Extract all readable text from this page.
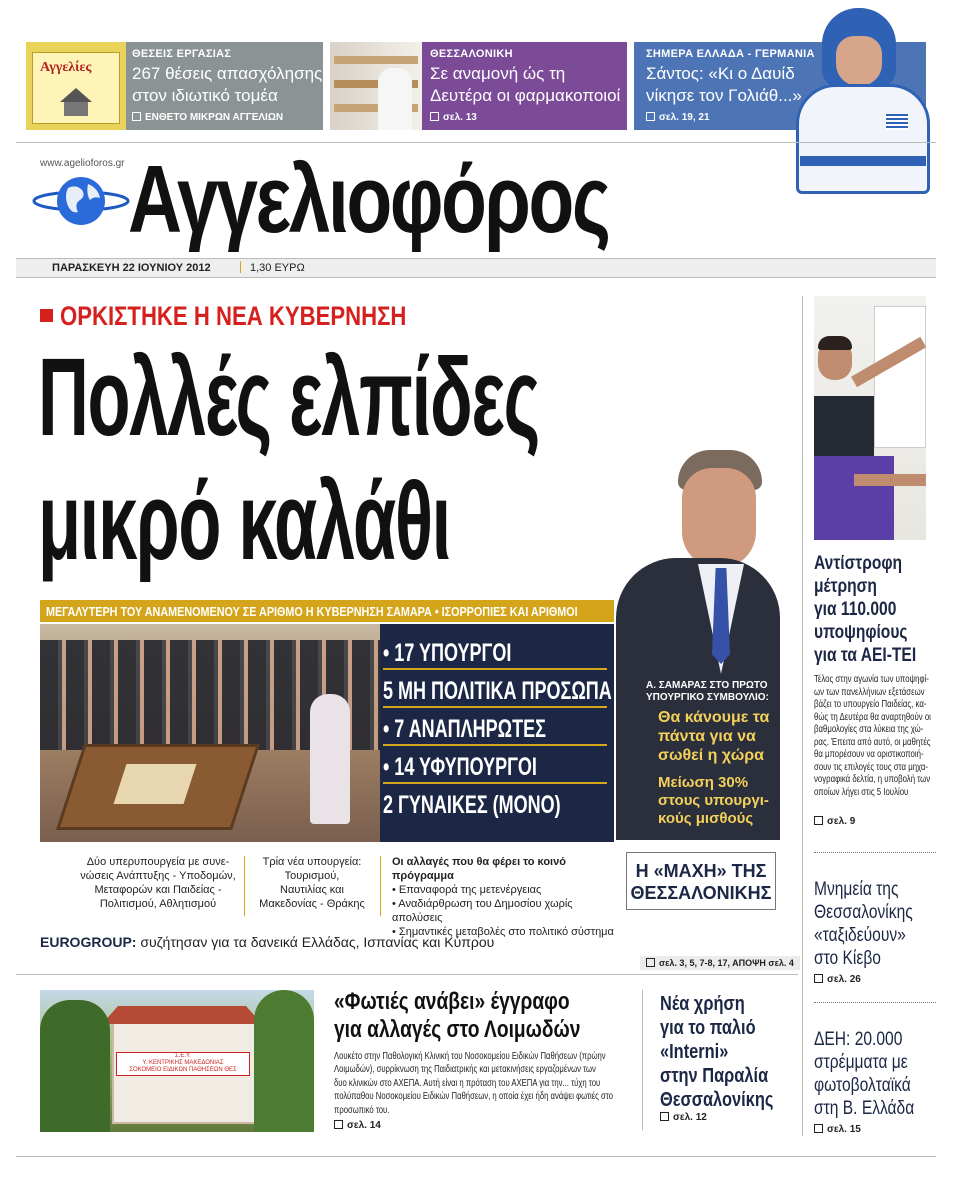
Αγγελίες
ΘΕΣΕΙΣ ΕΡΓΑΣΙΑΣ
267 θέσεις απασχόλησης
στον ιδιωτικό τομέα
ΕΝΘΕΤΟ ΜΙΚΡΩΝ ΑΓΓΕΛΙΩΝ
ΘΕΣΣΑΛΟΝΙΚΗ
Σε αναμονή ώς τη
Δευτέρα οι φαρμακοποιοί
σελ. 13
ΣΗΜΕΡΑ ΕΛΛΑΔΑ - ΓΕΡΜΑΝΙΑ
Σάντος: «Κι ο Δαυίδ
νίκησε τον Γολιάθ...»
σελ. 19, 21
www.agelioforos.gr Αγγελιοφόρος
ΠΑΡΑΣΚΕΥΗ 22 ΙΟΥΝΙΟΥ 2012	1,30 ΕΥΡΩ
ΟΡΚΙΣΤΗΚΕ Η ΝΕΑ ΚΥΒΕΡΝΗΣΗ
Πολλές ελπίδες
μικρό καλάθι
ΜΕΓΑΛΥΤΕΡΗ ΤΟΥ ΑΝΑΜΕΝΟΜΕΝΟΥ ΣΕ ΑΡΙΘΜΟ Η ΚΥΒΕΡΝΗΣΗ ΣΑΜΑΡΑ • ΙΣΟΡΡΟΠΙΕΣ ΚΑΙ ΑΡΙΘΜΟΙ
• 17 ΥΠΟΥΡΓΟΙ
5 ΜΗ ΠΟΛΙΤΙΚΑ ΠΡΟΣΩΠΑ
• 7 ΑΝΑΠΛΗΡΩΤΕΣ
• 14 ΥΦΥΠΟΥΡΓΟΙ
2 ΓΥΝΑΙΚΕΣ (ΜΟΝΟ)
Α. ΣΑΜΑΡΑΣ ΣΤΟ ΠΡΩΤΟ
ΥΠΟΥΡΓΙΚΟ ΣΥΜΒΟΥΛΙΟ:
Θα κάνουμε τα
πάντα για να
σωθεί η χώρα
Μείωση 30%
στους υπουργι-
κούς μισθούς
Δύο υπερυπουργεία με συνε-
νώσεις Ανάπτυξης - Υποδομών,
Μεταφορών και Παιδείας -
Πολιτισμού, Αθλητισμού
Τρία νέα υπουργεία:
Τουρισμού,
Ναυτιλίας και
Μακεδονίας - Θράκης
Οι αλλαγές που θα φέρει το κοινό πρόγραμμα
• Επαναφορά της μετενέργειας
• Αναδιάρθρωση του Δημοσίου χωρίς απολύσεις
• Σημαντικές μεταβολές στο πολιτικό σύστημα
Η «ΜΑΧΗ» ΤΗΣ
ΘΕΣΣΑΛΟΝΙΚΗΣ
EUROGROUP: συζήτησαν για τα δανεικά Ελλάδας, Ισπανίας και Κύπρου
σελ. 3, 5, 7-8, 17, ΑΠΟΨΗ σελ. 4
Σ.Ε.Υ.
Υ. ΚΕΝΤΡΙΚΗΣ ΜΑΚΕΔΟΝΙΑΣ
ΣΟΚΟΜΕΙΟ ΕΙΔΙΚΩΝ ΠΑΘΗΣΕΩΝ ΘΕΣ
«Φωτιές ανάβει» έγγραφο
για αλλαγές στο Λοιμωδών
Λουκέτο στην Παθολογική Κλινική του Νοσοκομείου Ειδικών Παθήσεων (πρώην
Λοιμωδών), συρρίκνωση της Παιδιατρικής και μετακινήσεις εργαζομένων των
δυο κλινικών στο ΑΧΕΠΑ. Αυτή είναι η πρόταση του ΑΧΕΠΑ για την... τύχη του
πολύπαθου Νοσοκομείου Ειδικών Παθήσεων, η οποία έχει ήδη ανάψει φωτιές στο
προσωπικό του.
σελ. 14
Νέα χρήση
για το παλιό
«Interni»
στην Παραλία
Θεσσαλονίκης
σελ. 12
Αντίστροφη
μέτρηση
για 110.000
υποψηφίους
για τα ΑΕΙ-ΤΕΙ
Τέλος στην αγωνία των υποψηφί-
ων των πανελλήνιων εξετάσεων
βάζει το υπουργείο Παιδείας, κα-
θώς τη Δευτέρα θα αναρτηθούν οι
βαθμολογίες στα λύκεια της χώ-
ρας. Έπειτα από αυτό, οι μαθητές
θα μπορέσουν να οριστικοποιή-
σουν τις επιλογές τους στα μηχα-
νογραφικά δελτία, η υποβολή των
οποίων λήγει στις 5 Ιουλίου
σελ. 9
Μνημεία της
Θεσσαλονίκης
«ταξιδεύουν»
στο Κίεβο
σελ. 26
ΔΕΗ: 20.000
στρέμματα με
φωτοβολταϊκά
στη Β. Ελλάδα
σελ. 15
